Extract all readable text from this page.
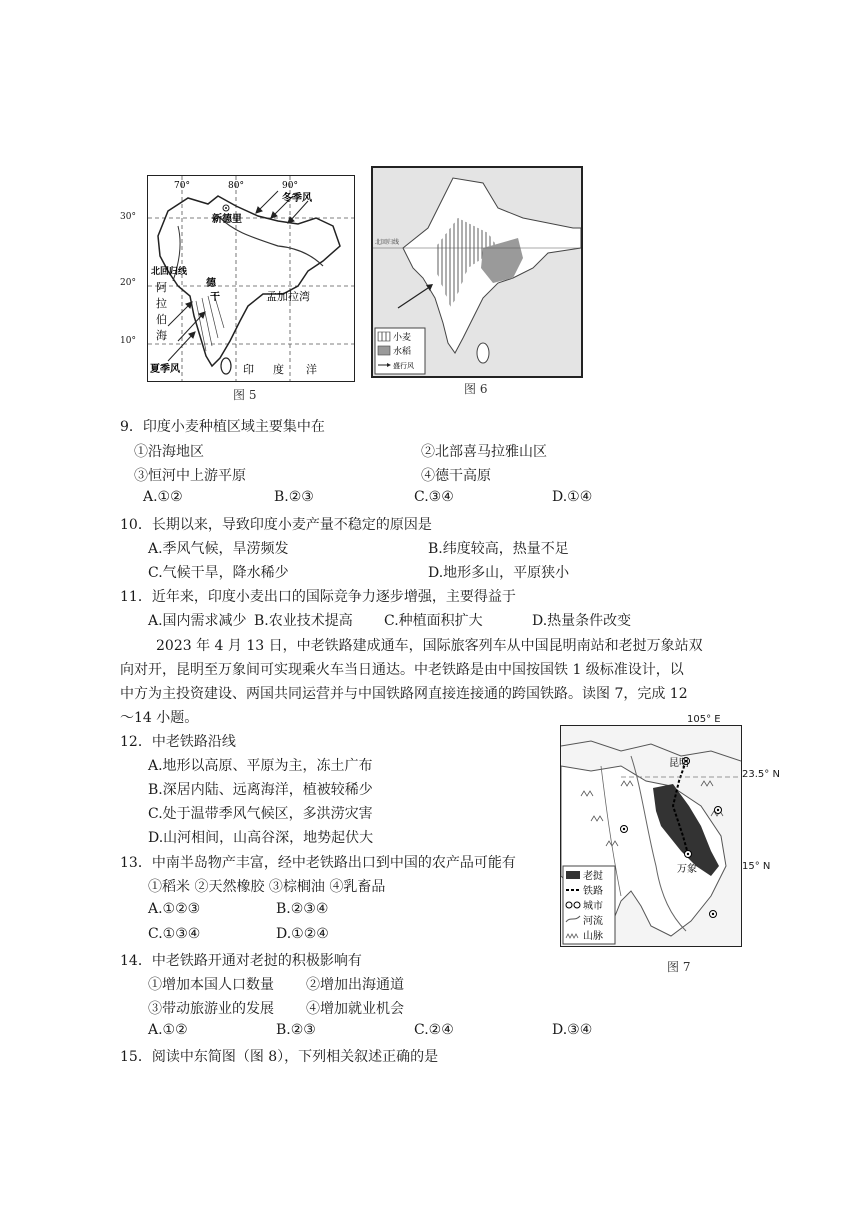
70°	80°	90°
冬季风
新德里
北回归线
阿
拉
伯
海
德
干	孟加拉湾
夏季风	印 度 洋
30°
20°
10°
图 5
北回归线
小麦
水稻
盛行风
图 6
9．印度小麦种植区域主要集中在
①沿海地区	②北部喜马拉雅山区
③恒河中上游平原	④德干高原
A.①②	B.②③	C.③④	D.①④
10．长期以来，导致印度小麦产量不稳定的原因是
A.季风气候，旱涝频发	B.纬度较高，热量不足
C.气候干旱，降水稀少	D.地形多山，平原狭小
11．近年来，印度小麦出口的国际竞争力逐步增强，主要得益于
A.国内需求减少 B.农业技术提高 C.种植面积扩大	D.热量条件改变
2023 年 4 月 13 日，中老铁路建成通车，国际旅客列车从中国昆明南站和老挝万象站双
向对开，昆明至万象间可实现乘火车当日通达。中老铁路是由中国按国铁 1 级标准设计，以
中方为主投资建设、两国共同运营并与中国铁路网直接连接通的跨国铁路。读图 7，完成 12
～14 小题。	105° E
昆明
万象
老挝
铁路
城市
河流
山脉
23.5° N
15° N
图 7
12．中老铁路沿线
A.地形以高原、平原为主，冻土广布
B.深居内陆、远离海洋，植被较稀少
C.处于温带季风气候区，多洪涝灾害
D.山河相间，山高谷深，地势起伏大
13．中南半岛物产丰富，经中老铁路出口到中国的农产品可能有
①稻米 ②天然橡胶 ③棕榈油 ④乳畜品
A.①②③	B.②③④
C.①③④	D.①②④
14．中老铁路开通对老挝的积极影响有
①增加本国人口数量 ②增加出海通道
③带动旅游业的发展 ④增加就业机会
A.①②	B.②③	C.②④	D.③④
15．阅读中东简图（图 8），下列相关叙述正确的是
